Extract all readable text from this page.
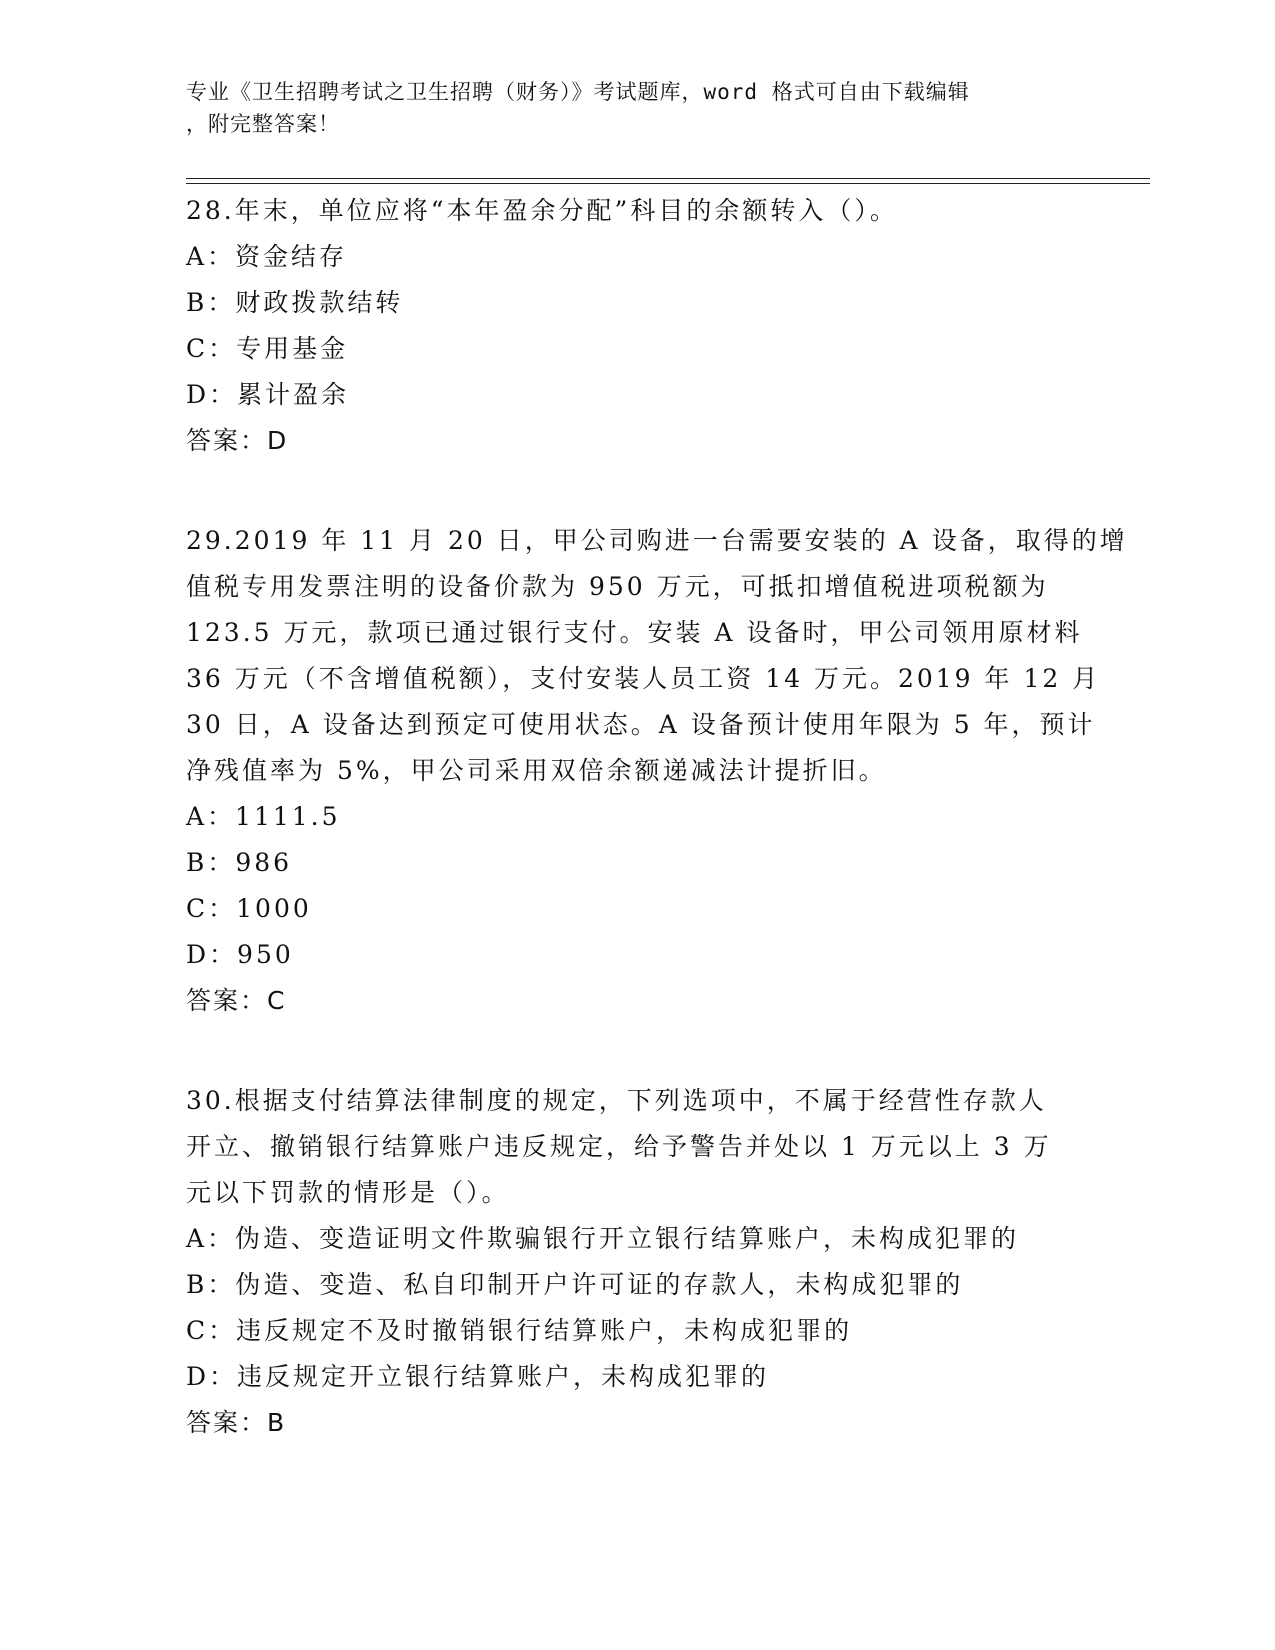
专业《卫生招聘考试之卫生招聘（财务）》考试题库，word 格式可自由下载编辑
，附完整答案！
28.年末，单位应将“本年盈余分配”科目的余额转入（）。
A：资金结存
B：财政拨款结转
C：专用基金
D：累计盈余
答案：D
29.2019 年 11 月 20 日，甲公司购进一台需要安装的 A 设备，取得的增
值税专用发票注明的设备价款为 950 万元，可抵扣增值税进项税额为
123.5 万元，款项已通过银行支付。安装 A 设备时，甲公司领用原材料
36 万元（不含增值税额），支付安装人员工资 14 万元。2019 年 12 月
30 日，A 设备达到预定可使用状态。A 设备预计使用年限为 5 年，预计
净残值率为 5%，甲公司采用双倍余额递减法计提折旧。
A：1111.5
B：986
C：1000
D：950
答案：C
30.根据支付结算法律制度的规定，下列选项中，不属于经营性存款人
开立、撤销银行结算账户违反规定，给予警告并处以 1 万元以上 3 万
元以下罚款的情形是（）。
A：伪造、变造证明文件欺骗银行开立银行结算账户，未构成犯罪的
B：伪造、变造、私自印制开户许可证的存款人，未构成犯罪的
C：违反规定不及时撤销银行结算账户，未构成犯罪的
D：违反规定开立银行结算账户，未构成犯罪的
答案：B
